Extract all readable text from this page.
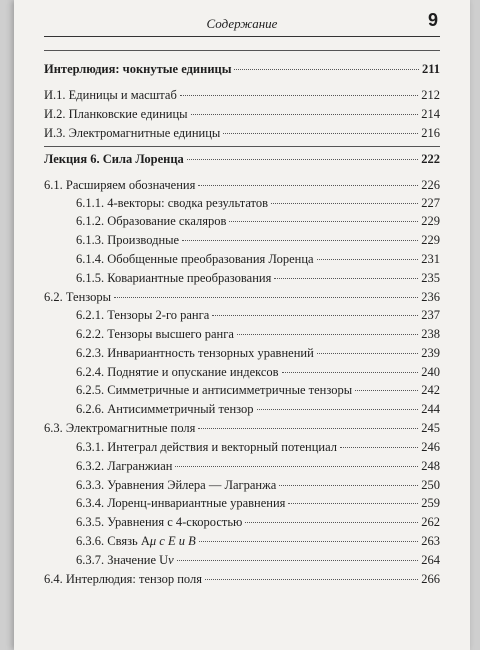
Содержание	9
Интерлюдия: чокнутые единицы	211
И.1. Единицы и масштаб	212
И.2. Планковские единицы	214
И.3. Электромагнитные единицы	216
Лекция 6. Сила Лоренца	222
6.1. Расширяем обозначения	226
6.1.1. 4-векторы: сводка результатов	227
6.1.2. Образование скаляров	229
6.1.3. Производные	229
6.1.4. Обобщенные преобразования Лоренца	231
6.1.5. Ковариантные преобразования	235
6.2. Тензоры	236
6.2.1. Тензоры 2-го ранга	237
6.2.2. Тензоры высшего ранга	238
6.2.3. Инвариантность тензорных уравнений	239
6.2.4. Поднятие и опускание индексов	240
6.2.5. Симметричные и антисимметричные тензоры	242
6.2.6. Антисимметричный тензор	244
6.3. Электромагнитные поля	245
6.3.1. Интеграл действия и векторный потенциал	246
6.3.2. Лагранжиан	248
6.3.3. Уравнения Эйлера — Лагранжа	250
6.3.4. Лоренц-инвариантные уравнения	259
6.3.5. Уравнения с 4-скоростью	262
6.3.6. Связь Aμ с E и B	263
6.3.7. Значение Uν	264
6.4. Интерлюдия: тензор поля	266
